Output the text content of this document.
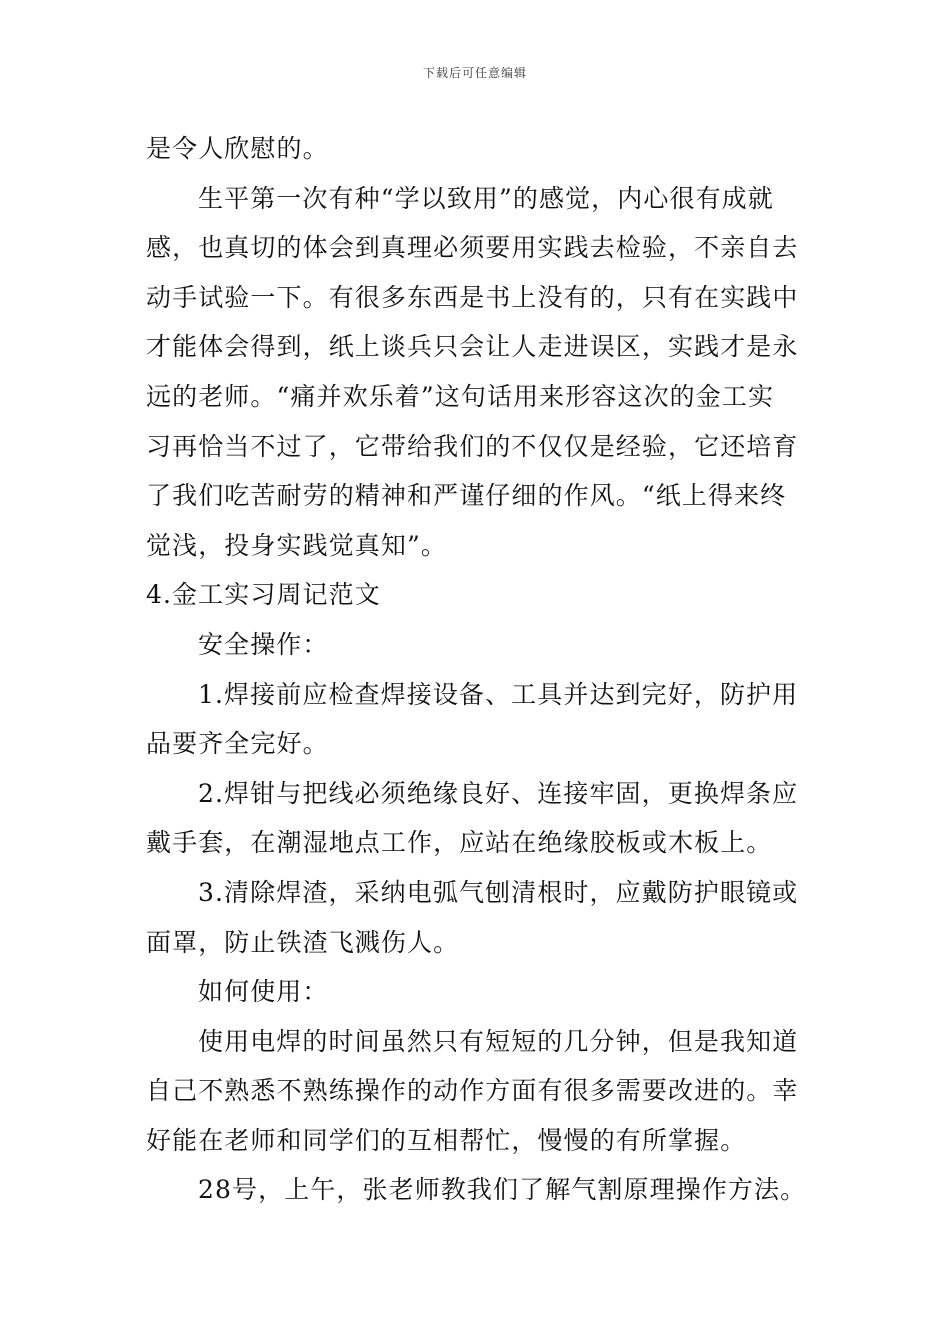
下载后可任意编辑
是令人欣慰的。
生平第一次有种“学以致用”的感觉，内心很有成就
感，也真切的体会到真理必须要用实践去检验，不亲自去
动手试验一下。有很多东西是书上没有的，只有在实践中
才能体会得到，纸上谈兵只会让人走进误区，实践才是永
远的老师。“痛并欢乐着”这句话用来形容这次的金工实
习再恰当不过了，它带给我们的不仅仅是经验，它还培育
了我们吃苦耐劳的精神和严谨仔细的作风。“纸上得来终
觉浅，投身实践觉真知”。
4.金工实习周记范文
安全操作：
1.焊接前应检查焊接设备、工具并达到完好，防护用
品要齐全完好。
2.焊钳与把线必须绝缘良好、连接牢固，更换焊条应
戴手套，在潮湿地点工作，应站在绝缘胶板或木板上。
3.清除焊渣，采纳电弧气刨清根时，应戴防护眼镜或
面罩，防止铁渣飞溅伤人。
如何使用：
使用电焊的时间虽然只有短短的几分钟，但是我知道
自己不熟悉不熟练操作的动作方面有很多需要改进的。幸
好能在老师和同学们的互相帮忙，慢慢的有所掌握。
28号，上午，张老师教我们了解气割原理操作方法。
